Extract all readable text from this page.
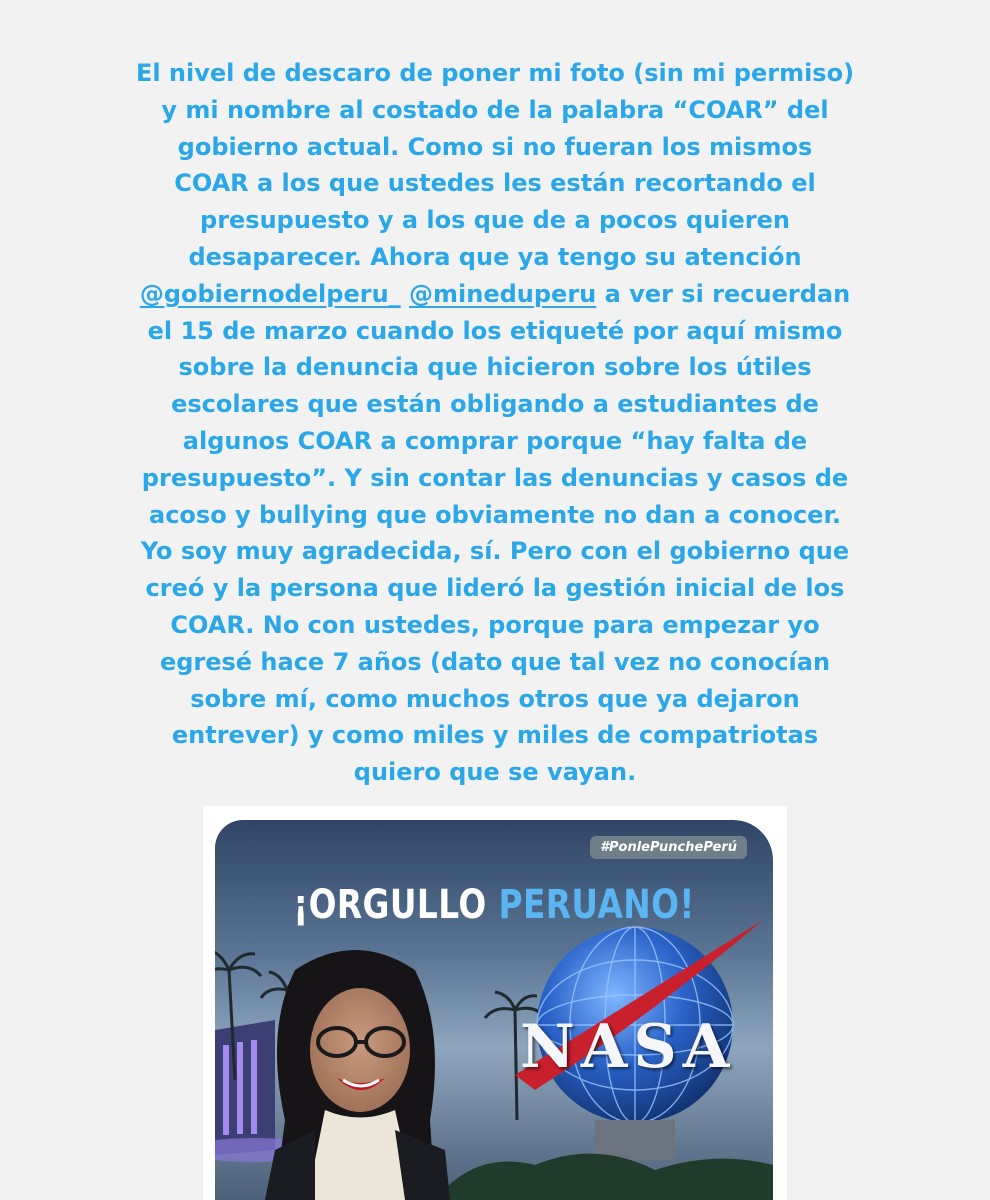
El nivel de descaro de poner mi foto (sin mi permiso)
y mi nombre al costado de la palabra “COAR” del
gobierno actual. Como si no fueran los mismos
COAR a los que ustedes les están recortando el
presupuesto y a los que de a pocos quieren
desaparecer. Ahora que ya tengo su atención
@gobiernodelperu_ @mineduperu a ver si recuerdan
el 15 de marzo cuando los etiqueté por aquí mismo
sobre la denuncia que hicieron sobre los útiles
escolares que están obligando a estudiantes de
algunos COAR a comprar porque “hay falta de
presupuesto”. Y sin contar las denuncias y casos de
acoso y bullying que obviamente no dan a conocer.
Yo soy muy agradecida, sí. Pero con el gobierno que
creó y la persona que lideró la gestión inicial de los
COAR. No con ustedes, porque para empezar yo
egresé hace 7 años (dato que tal vez no conocían
sobre mí, como muchos otros que ya dejaron
entrever) y como miles y miles de compatriotas
quiero que se vayan.
#PonlePunchePerú
¡ORGULLO PERUANO!
NASA
